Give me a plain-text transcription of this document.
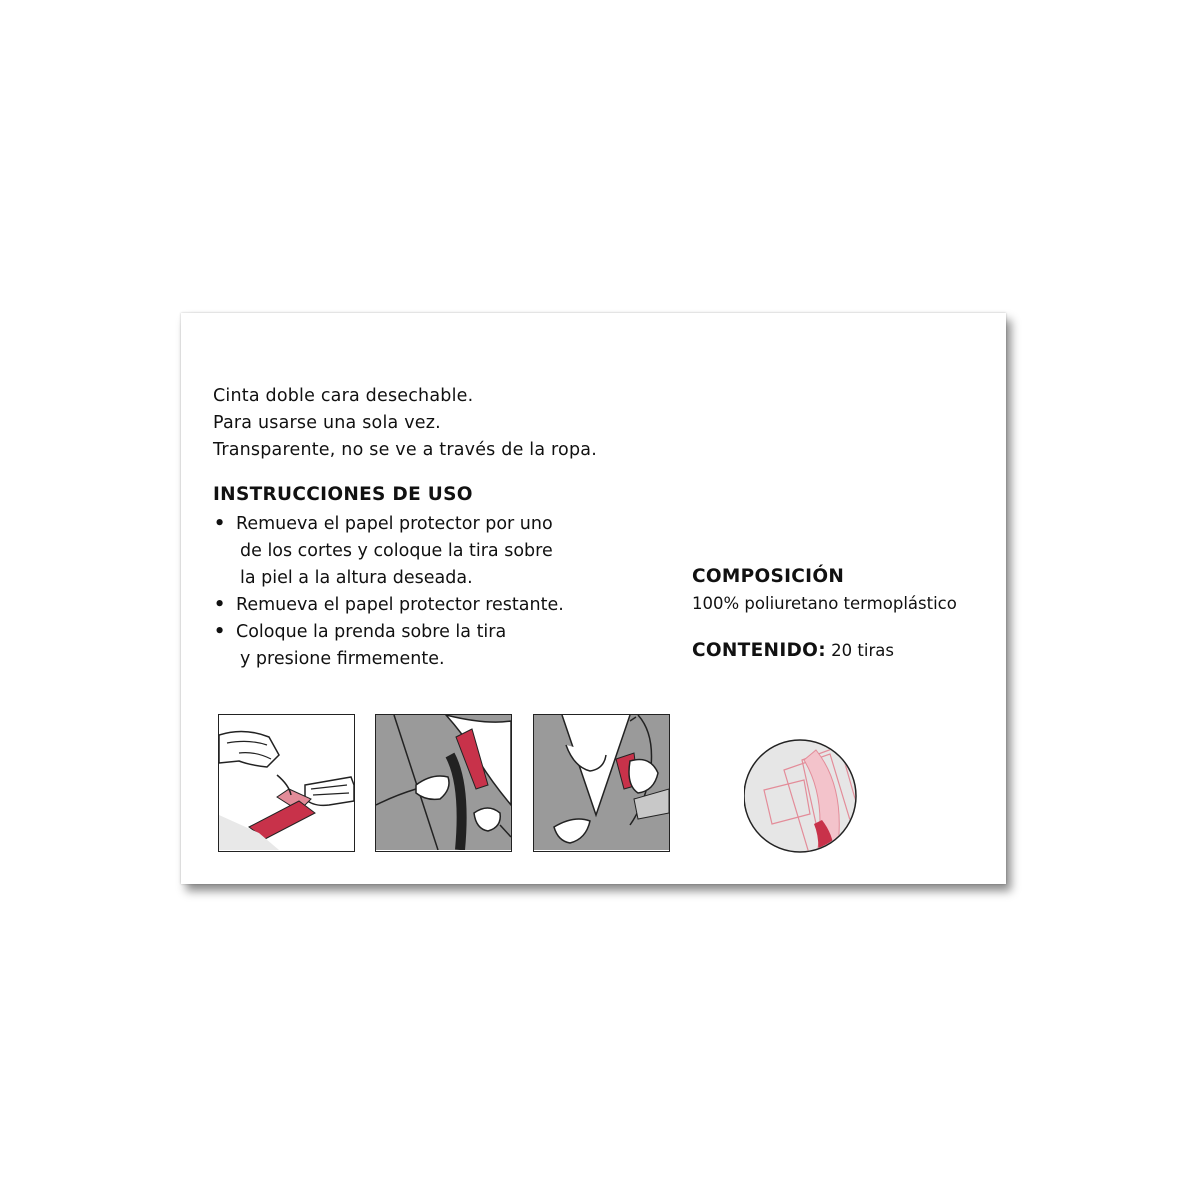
Cinta doble cara desechable.

Para usarse una sola vez.

Transparente, no se ve a través de la ropa.

INSTRUCCIONES DE USO
• Remueva el papel protector por uno
de los cortes y coloque la tira sobre
la piel a la altura deseada.
• Remueva el papel protector restante.
• Coloque la prenda sobre la tira
y presione firmemente.
COMPOSICIÓN
100% poliuretano termoplástico
CONTENIDO: 20 tiras
